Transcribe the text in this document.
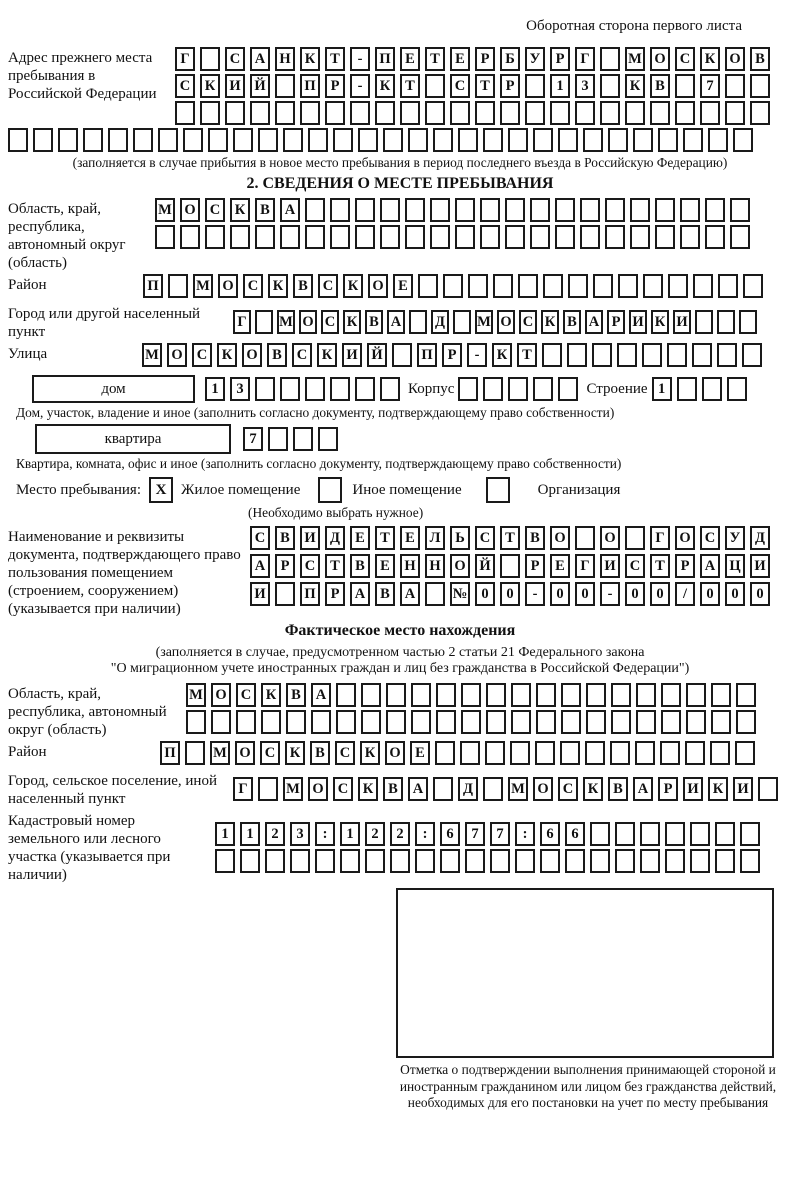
Оборотная сторона первого листа
Адрес прежнего места пребывания в Российской Федерации
Г	С	А Н К	Т	-	П	Е	Т	Е	Р	Б	У	Р	Г	М О С	К О	В
С	К И Й	П	Р	-	К	Т	С	Т	Р	1	3	К	В	7
(заполняется в случае прибытия в новое место пребывания в период последнего въезда в Российскую Федерацию)
2. СВЕДЕНИЯ О МЕСТЕ ПРЕБЫВАНИЯ
Область, край, республика, автономный округ (область)
М О С	К	В	А
Район	П	М О С	К	В	С	К О	Е
Город или другой населенный пункт
Г	М О С К В А Д М О С К В А Р И К И
Улица	М О С	К О	В	С	К И Й	П	Р	-	К	Т
дом	1	3	Корпус	Строение 1
Дом, участок, владение и иное (заполнить согласно документу, подтверждающему право собственности)
квартира	7
Квартира, комната, офис и иное (заполнить согласно документу, подтверждающему право собственности)
Место пребывания: X Жилое помещение	Иное помещение	Организация
(Необходимо выбрать нужное)
Наименование и реквизиты документа, подтверждающего право пользования помещением (строением, сооружением) (указывается при наличии)
С	В	И Д	Е	Т	Е	Л	Ь	С	Т	В	О	О	Г	О С У	Д
А	Р	С	Т	В	Е	Н Н О Й	Р	Е	Г	И С	Т	Р	А Ц И
И	П	Р	А	В	А	№ 0	0	-	0	0	-	0	0	/	0	0	0
Фактическое место нахождения
(заполняется в случае, предусмотренном частью 2 статьи 21 Федерального закона
"О миграционном учете иностранных граждан и лиц без гражданства в Российской Федерации")
Область, край, республика, автономный округ (область)
М О С	К	В	А
Район	П	М О С	К	В	С	К О	Е
Город, сельское поселение, иной населенный пункт
Г	М О С	К	В	А	Д	М О С	К	В	А	Р	И К И
Кадастровый номер земельного или лесного участка (указывается при наличии)
1	1	2	3	:	1	2	2	:	6	7	7	:	6	6
Отметка о подтверждении выполнения принимающей стороной и иностранным гражданином или лицом без гражданства действий, необходимых для его постановки на учет по месту пребывания
